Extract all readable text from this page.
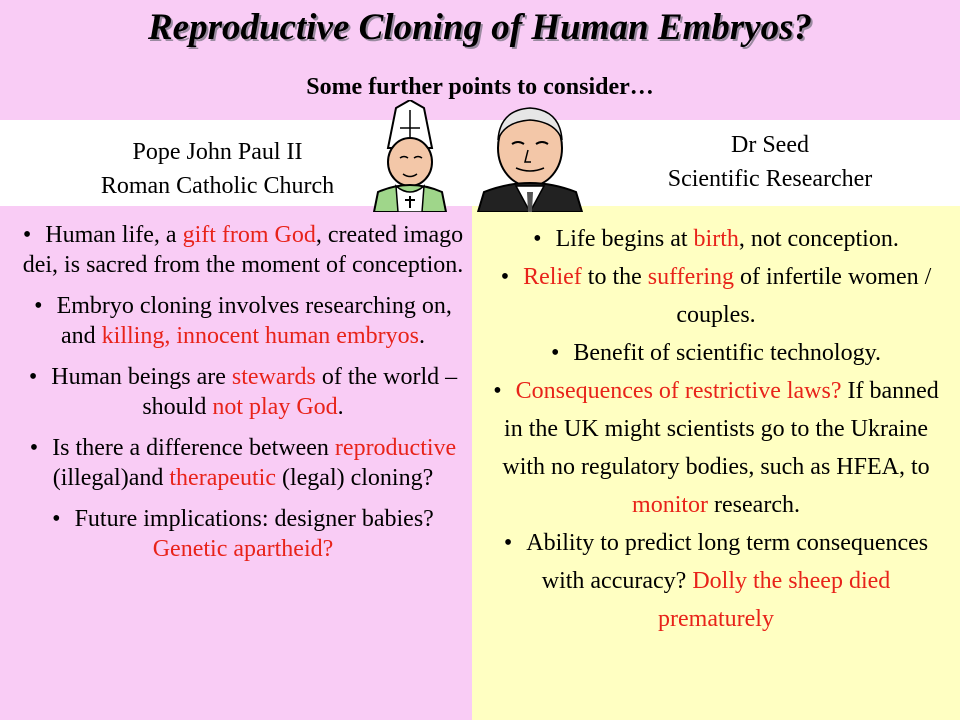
Reproductive Cloning of Human Embryos?
Some further points to consider…
Pope John Paul II
Roman Catholic Church
Dr Seed
Scientific Researcher
• Human life, a gift from God, created imago dei, is sacred from the moment of conception.
• Embryo cloning involves researching on, and killing, innocent human embryos.
• Human beings are stewards of the world – should not play God.
• Is there a difference between reproductive (illegal)and therapeutic (legal) cloning?
• Future implications: designer babies? Genetic apartheid?
• Life begins at birth, not conception.
• Relief to the suffering of infertile women / couples.
• Benefit of scientific technology.
• Consequences of restrictive laws? If banned in the UK might scientists go to the Ukraine with no regulatory bodies, such as HFEA, to monitor research.
• Ability to predict long term consequences with accuracy? Dolly the sheep died prematurely
